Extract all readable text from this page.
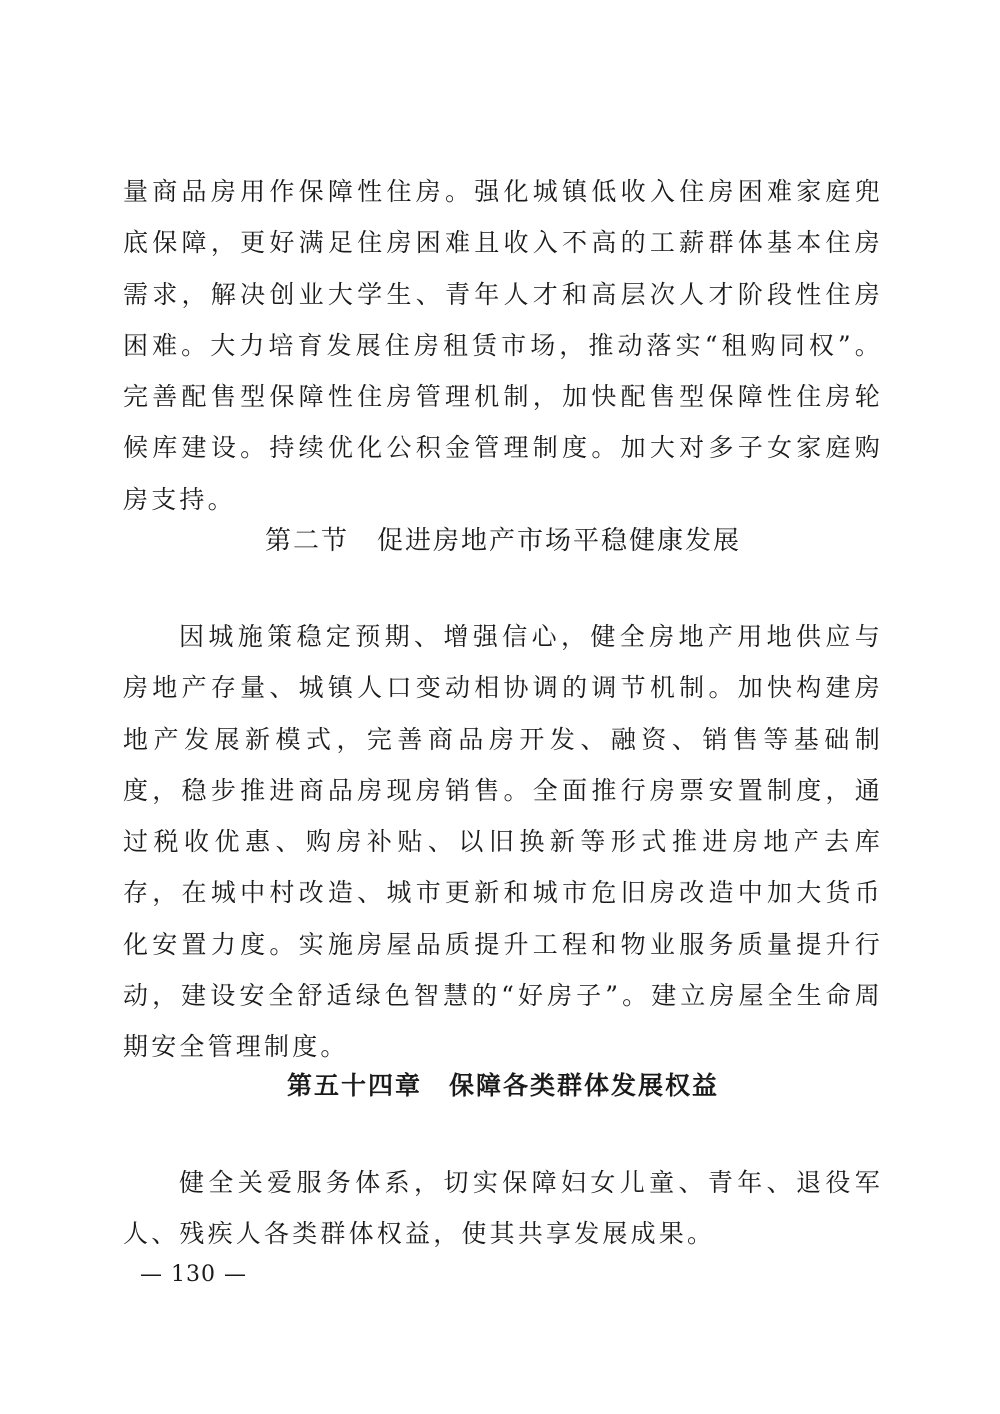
量商品房用作保障性住房。强化城镇低收入住房困难家庭兜底保障，更好满足住房困难且收入不高的工薪群体基本住房需求，解决创业大学生、青年人才和高层次人才阶段性住房困难。大力培育发展住房租赁市场，推动落实“租购同权”。完善配售型保障性住房管理机制，加快配售型保障性住房轮候库建设。持续优化公积金管理制度。加大对多子女家庭购房支持。

第二节　促进房地产市场平稳健康发展

因城施策稳定预期、增强信心，健全房地产用地供应与房地产存量、城镇人口变动相协调的调节机制。加快构建房地产发展新模式，完善商品房开发、融资、销售等基础制度，稳步推进商品房现房销售。全面推行房票安置制度，通过税收优惠、购房补贴、以旧换新等形式推进房地产去库存，在城中村改造、城市更新和城市危旧房改造中加大货币化安置力度。实施房屋品质提升工程和物业服务质量提升行动，建设安全舒适绿色智慧的“好房子”。建立房屋全生命周期安全管理制度。

第五十四章　保障各类群体发展权益

健全关爱服务体系，切实保障妇女儿童、青年、退役军人、残疾人各类群体权益，使其共享发展成果。

— 130 —
